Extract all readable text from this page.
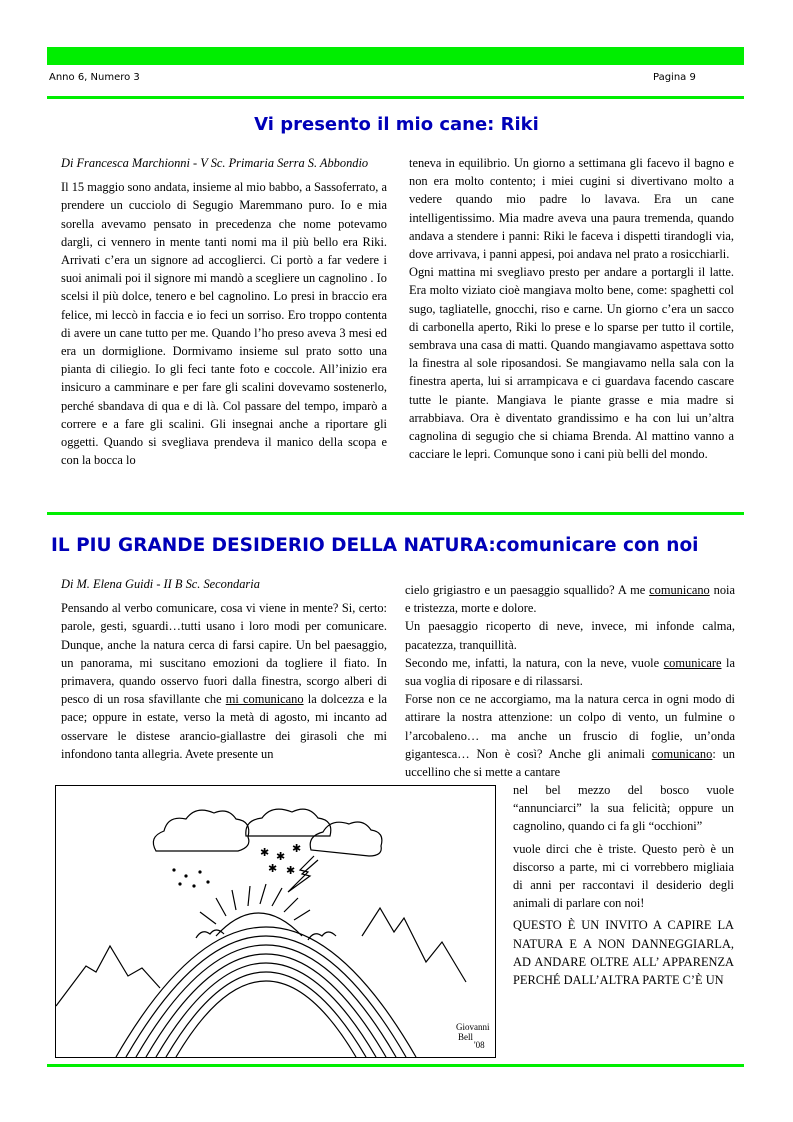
Anno 6, Numero 3	Pagina 9
Vi presento il mio cane: Riki

Di Francesca Marchionni - V Sc. Primaria Serra S. Abbondio

Il 15 maggio sono andata, insieme al mio babbo, a Sassoferrato, a prendere un cucciolo di Segugio Maremmano puro. Io e mia sorella avevamo pensato in precedenza che nome potevamo dargli, ci vennero in mente tanti nomi ma il più bello era Riki. Arrivati c’era un signore ad accoglierci. Ci portò a far vedere i suoi animali poi il signore mi mandò a scegliere un cagnolino . Io scelsi il più dolce, tenero e bel cagnolino. Lo presi in braccio era felice, mi leccò in faccia e io feci un sorriso. Ero troppo contenta di avere un cane tutto per me. Quando l’ho preso aveva 3 mesi ed era un dormiglione. Dormivamo insieme sul prato sotto una pianta di ciliegio. Io gli feci tante foto e coccole. All’inizio era insicuro a camminare e per fare gli scalini dovevamo sostenerlo, perché sbandava di qua e di là. Col passare del tempo, imparò a correre e a fare gli scalini. Gli insegnai anche a riportare gli oggetti. Quando si svegliava prendeva il manico della scopa e con la bocca lo

teneva in equilibrio. Un giorno a settimana gli facevo il bagno e non era molto contento; i miei cugini si divertivano molto a vedere quando mio padre lo lavava. Era un cane intelligentissimo. Mia madre aveva una paura tremenda, quando andava a stendere i panni: Riki le faceva i dispetti tirandogli via, dove arrivava, i panni appesi, poi andava nel prato a rosicchiarli.

Ogni mattina mi svegliavo presto per andare a portargli il latte. Era molto viziato cioè mangiava molto bene, come: spaghetti col sugo, tagliatelle, gnocchi, riso e carne. Un giorno c’era un sacco di carbonella aperto, Riki lo prese e lo sparse per tutto il cortile, sembrava una casa di matti. Quando mangiavamo aspettava sotto la finestra al sole riposandosi. Se mangiavamo nella sala con la finestra aperta, lui si arrampicava e ci guardava facendo cascare tutte le piante. Mangiava le piante grasse e mia madre si arrabbiava. Ora è diventato grandissimo e ha con lui un’altra cagnolina di segugio che si chiama Brenda. Al mattino vanno a cacciare le lepri. Comunque sono i cani più belli del mondo.

IL PIU GRANDE DESIDERIO DELLA NATURA:comunicare con noi

Di M. Elena Guidi - II B Sc. Secondaria

Pensando al verbo comunicare, cosa vi viene in mente? Si, certo: parole, gesti, sguardi…tutti usano i loro modi per comunicare. Dunque, anche la natura cerca di farsi capire. Un bel paesaggio, un panorama, mi suscitano emozioni da togliere il fiato. In primavera, quando osservo fuori dalla finestra, scorgo alberi di pesco di un rosa sfavillante che mi comunicano la dolcezza e la pace; oppure in estate, verso la metà di agosto, mi incanto ad osservare le distese arancio-giallastre dei girasoli che mi infondono tanta allegria. Avete presente un

cielo grigiastro e un paesaggio squallido? A me comunicano noia e tristezza, morte e dolore.

Un paesaggio ricoperto di neve, invece, mi infonde calma, pacatezza, tranquillità.

Secondo me, infatti, la natura, con la neve, vuole comunicare la sua voglia di riposare e di rilassarsi.

Forse non ce ne accorgiamo, ma la natura cerca in ogni modo di attirare la nostra attenzione: un colpo di vento, un fulmine o l’arcobaleno… ma anche un fruscio di foglie, un’onda gigantesca… Non è così? Anche gli animali comunicano: un uccellino che si mette a cantare

nel bel mezzo del bosco vuole “annunciarci” la sua felicità; oppure un cagnolino, quando ci fa gli “occhioni”

vuole dirci che è triste. Questo però è un discorso a parte, mi ci vorrebbero migliaia di anni per raccontavi il desiderio degli animali di parlare con noi!

QUESTO È UN INVITO A CAPIRE LA NATURA E A NON DANNEGGIARLA, AD ANDARE OLTRE ALL’ APPARENZA PERCHÉ DALL’ALTRA PARTE C’È UN

✱ ✱
✱
✱ ✱
Giovanni
Bell
'08
